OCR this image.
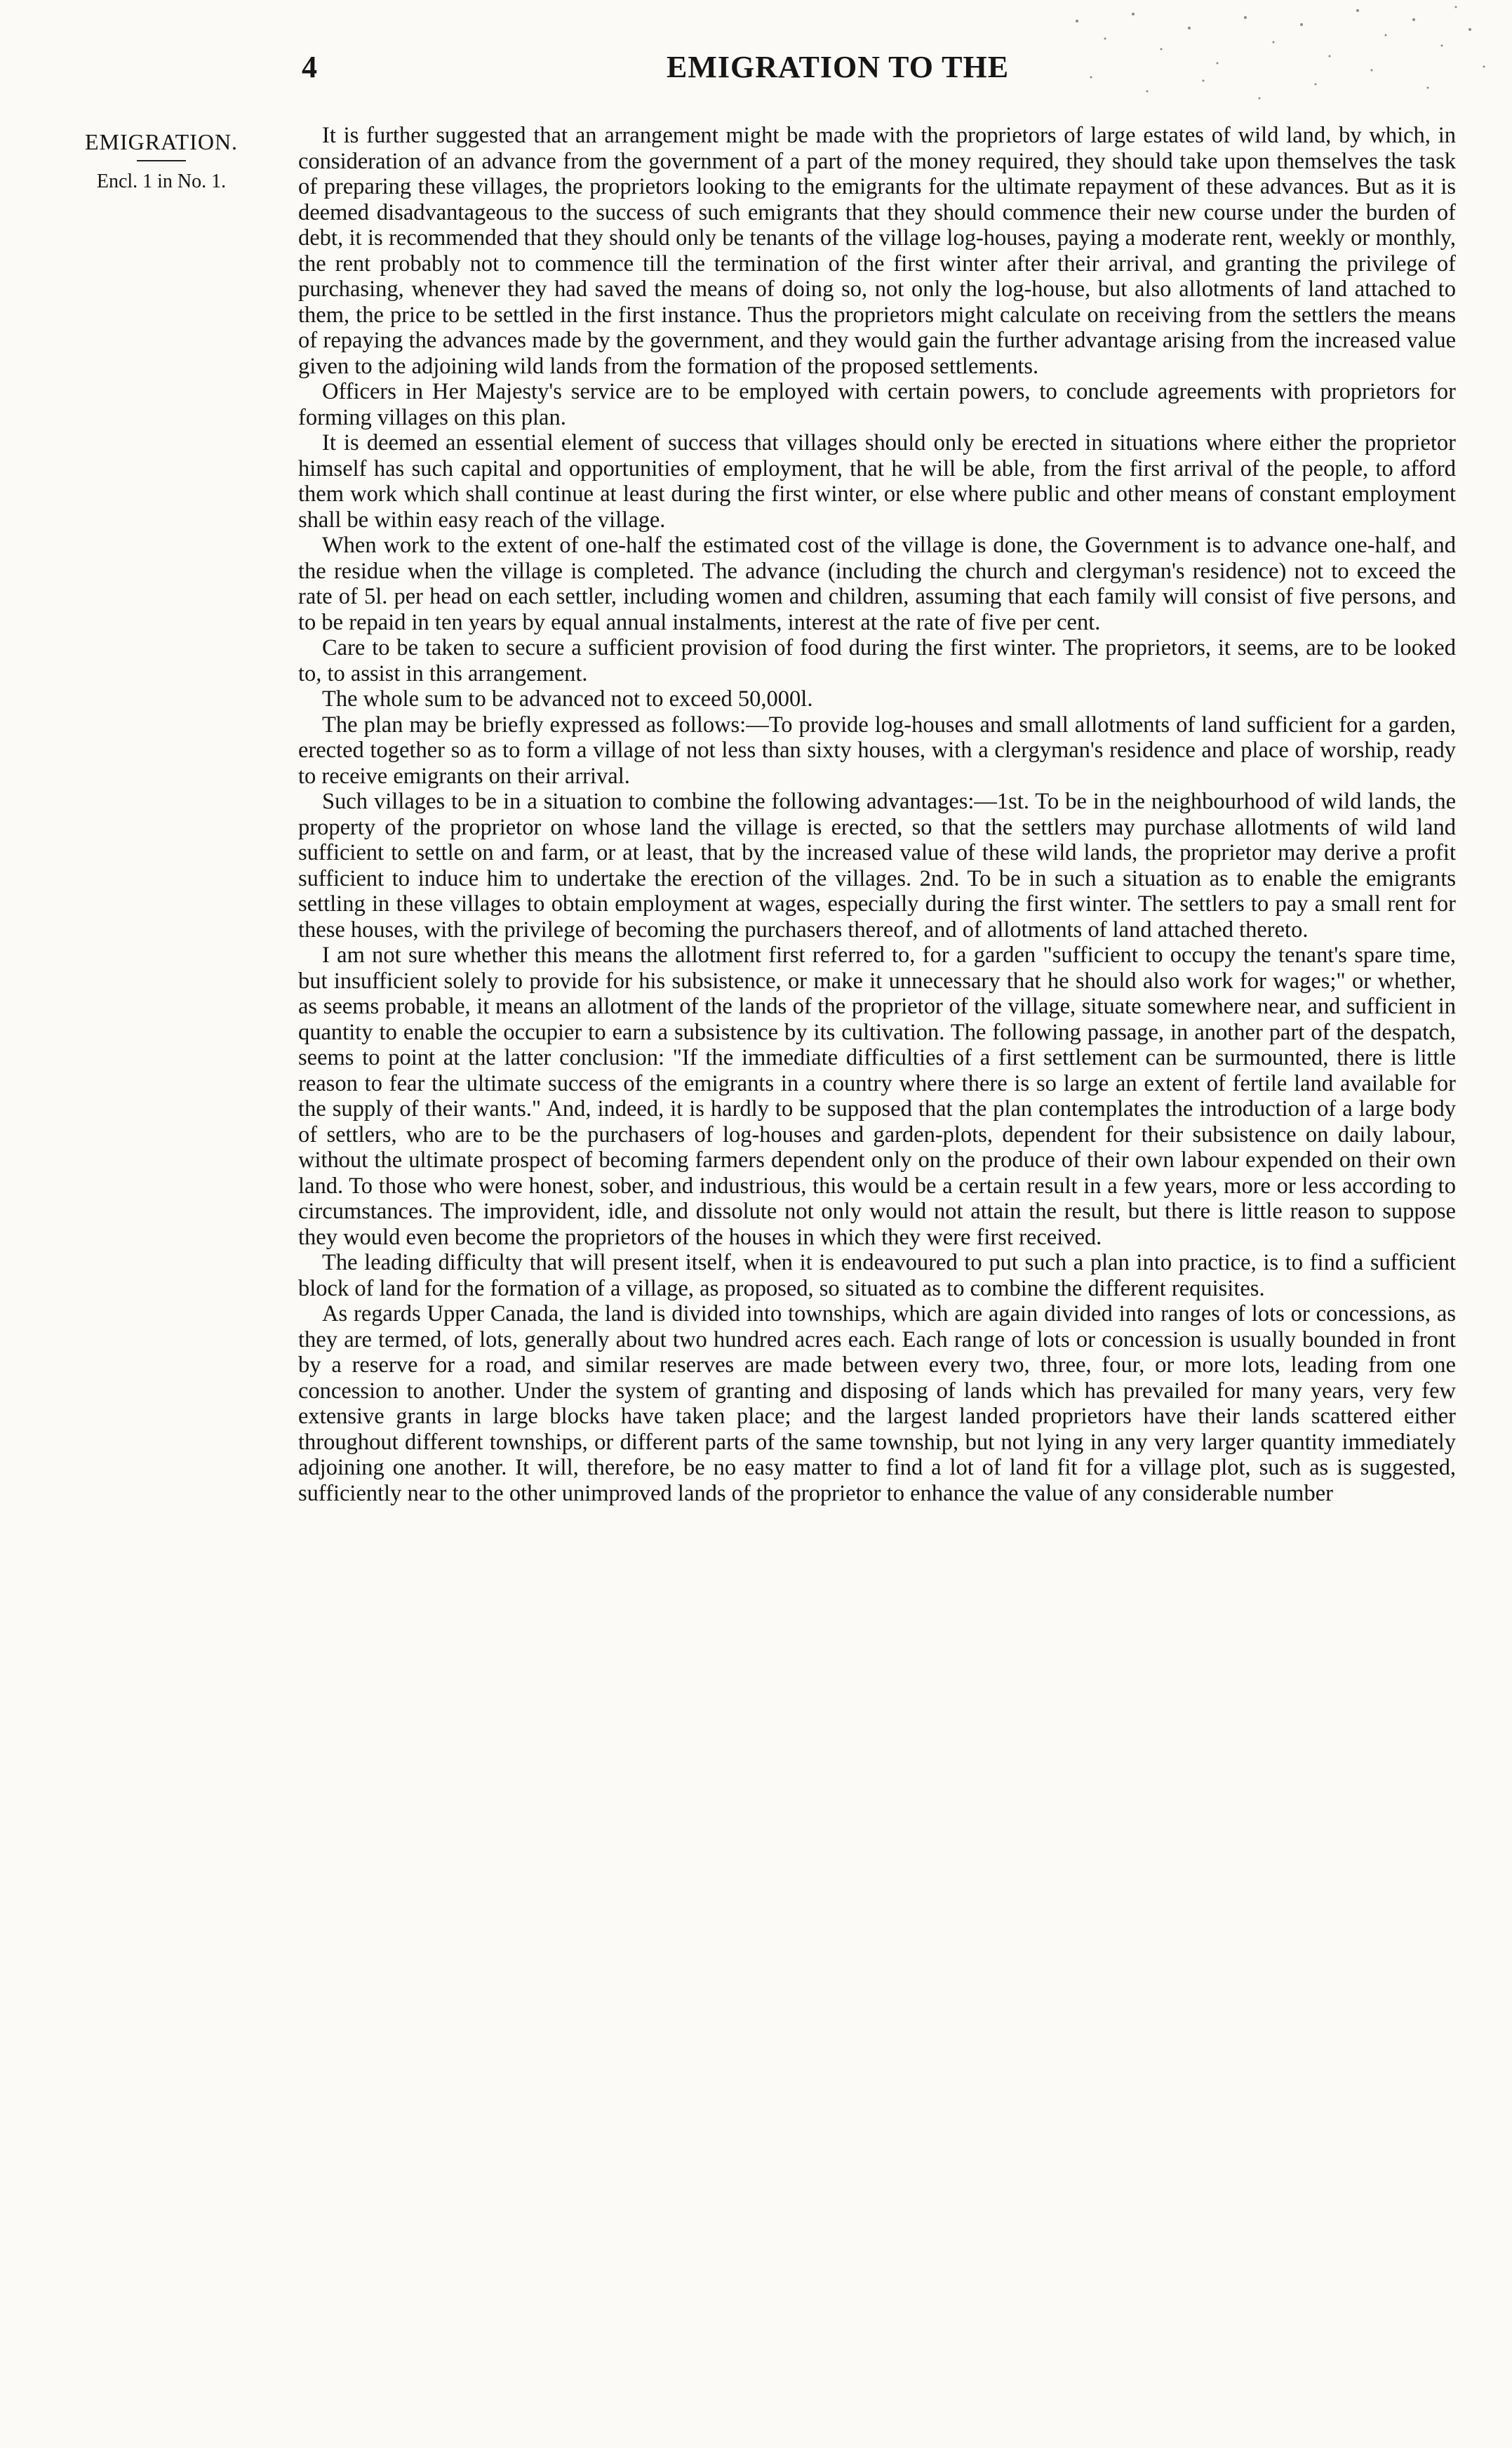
4	EMIGRATION TO THE
EMIGRATION.
Encl. 1 in No. 1.

It is further suggested that an arrangement might be made with the proprietors of large estates of wild land, by which, in consideration of an advance from the government of a part of the money required, they should take upon themselves the task of preparing these villages, the proprietors looking to the emigrants for the ultimate repayment of these advances. But as it is deemed disadvantageous to the success of such emigrants that they should commence their new course under the burden of debt, it is recommended that they should only be tenants of the village log-houses, paying a moderate rent, weekly or monthly, the rent probably not to commence till the termination of the first winter after their arrival, and granting the privilege of purchasing, whenever they had saved the means of doing so, not only the log-house, but also allotments of land attached to them, the price to be settled in the first instance. Thus the proprietors might calculate on receiving from the settlers the means of repaying the advances made by the government, and they would gain the further advantage arising from the increased value given to the adjoining wild lands from the formation of the proposed settlements.

Officers in Her Majesty's service are to be employed with certain powers, to conclude agreements with proprietors for forming villages on this plan.

It is deemed an essential element of success that villages should only be erected in situations where either the proprietor himself has such capital and opportunities of employment, that he will be able, from the first arrival of the people, to afford them work which shall continue at least during the first winter, or else where public and other means of constant employment shall be within easy reach of the village.

When work to the extent of one-half the estimated cost of the village is done, the Government is to advance one-half, and the residue when the village is completed. The advance (including the church and clergyman's residence) not to exceed the rate of 5l. per head on each settler, including women and children, assuming that each family will consist of five persons, and to be repaid in ten years by equal annual instalments, interest at the rate of five per cent.

Care to be taken to secure a sufficient provision of food during the first winter. The proprietors, it seems, are to be looked to, to assist in this arrangement.

The whole sum to be advanced not to exceed 50,000l.

The plan may be briefly expressed as follows:—To provide log-houses and small allotments of land sufficient for a garden, erected together so as to form a village of not less than sixty houses, with a clergyman's residence and place of worship, ready to receive emigrants on their arrival.

Such villages to be in a situation to combine the following advantages:—1st. To be in the neighbourhood of wild lands, the property of the proprietor on whose land the village is erected, so that the settlers may purchase allotments of wild land sufficient to settle on and farm, or at least, that by the increased value of these wild lands, the proprietor may derive a profit sufficient to induce him to undertake the erection of the villages. 2nd. To be in such a situation as to enable the emigrants settling in these villages to obtain employment at wages, especially during the first winter. The settlers to pay a small rent for these houses, with the privilege of becoming the purchasers thereof, and of allotments of land attached thereto.

I am not sure whether this means the allotment first referred to, for a garden "sufficient to occupy the tenant's spare time, but insufficient solely to provide for his subsistence, or make it unnecessary that he should also work for wages;" or whether, as seems probable, it means an allotment of the lands of the proprietor of the village, situate somewhere near, and sufficient in quantity to enable the occupier to earn a subsistence by its cultivation. The following passage, in another part of the despatch, seems to point at the latter conclusion: "If the immediate difficulties of a first settlement can be surmounted, there is little reason to fear the ultimate success of the emigrants in a country where there is so large an extent of fertile land available for the supply of their wants." And, indeed, it is hardly to be supposed that the plan contemplates the introduction of a large body of settlers, who are to be the purchasers of log-houses and garden-plots, dependent for their subsistence on daily labour, without the ultimate prospect of becoming farmers dependent only on the produce of their own labour expended on their own land. To those who were honest, sober, and industrious, this would be a certain result in a few years, more or less according to circumstances. The improvident, idle, and dissolute not only would not attain the result, but there is little reason to suppose they would even become the proprietors of the houses in which they were first received.

The leading difficulty that will present itself, when it is endeavoured to put such a plan into practice, is to find a sufficient block of land for the formation of a village, as proposed, so situated as to combine the different requisites.

As regards Upper Canada, the land is divided into townships, which are again divided into ranges of lots or concessions, as they are termed, of lots, generally about two hundred acres each. Each range of lots or concession is usually bounded in front by a reserve for a road, and similar reserves are made between every two, three, four, or more lots, leading from one concession to another. Under the system of granting and disposing of lands which has prevailed for many years, very few extensive grants in large blocks have taken place; and the largest landed proprietors have their lands scattered either throughout different townships, or different parts of the same township, but not lying in any very larger quantity immediately adjoining one another. It will, therefore, be no easy matter to find a lot of land fit for a village plot, such as is suggested, sufficiently near to the other unimproved lands of the proprietor to enhance the value of any considerable number
